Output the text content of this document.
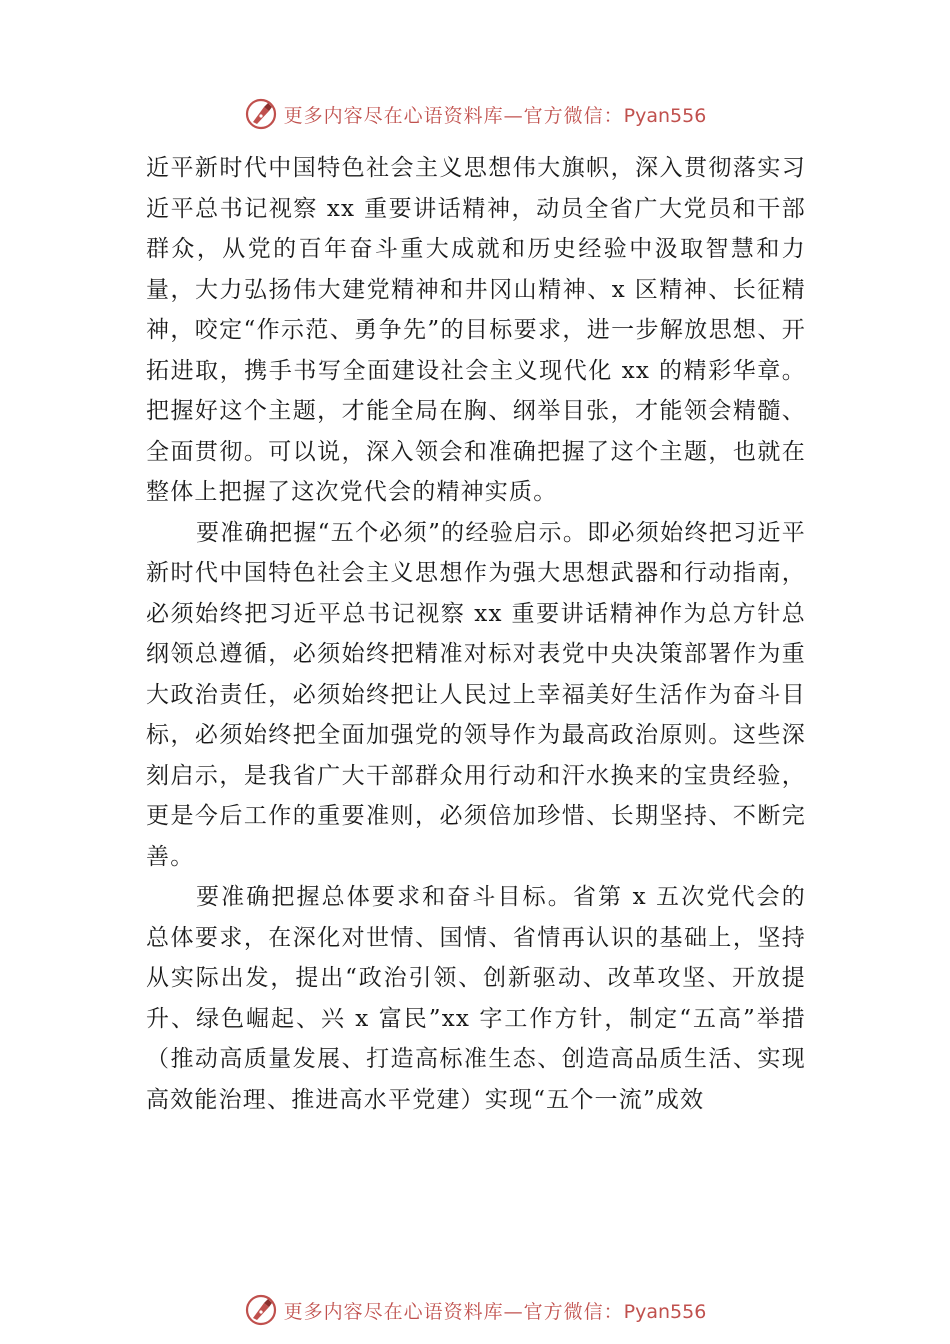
更多内容尽在心语资料库—官方微信：Pyan556

近平新时代中国特色社会主义思想伟大旗帜，深入贯彻落实习近平总书记视察 xx 重要讲话精神，动员全省广大党员和干部群众，从党的百年奋斗重大成就和历史经验中汲取智慧和力量，大力弘扬伟大建党精神和井冈山精神、x 区精神、长征精神，咬定“作示范、勇争先”的目标要求，进一步解放思想、开拓进取，携手书写全面建设社会主义现代化 xx 的精彩华章。把握好这个主题，才能全局在胸、纲举目张，才能领会精髓、全面贯彻。可以说，深入领会和准确把握了这个主题，也就在整体上把握了这次党代会的精神实质。

要准确把握“五个必须”的经验启示。即必须始终把习近平新时代中国特色社会主义思想作为强大思想武器和行动指南，必须始终把习近平总书记视察 xx 重要讲话精神作为总方针总纲领总遵循，必须始终把精准对标对表党中央决策部署作为重大政治责任，必须始终把让人民过上幸福美好生活作为奋斗目标，必须始终把全面加强党的领导作为最高政治原则。这些深刻启示，是我省广大干部群众用行动和汗水换来的宝贵经验，更是今后工作的重要准则，必须倍加珍惜、长期坚持、不断完善。

要准确把握总体要求和奋斗目标。省第 x 五次党代会的总体要求，在深化对世情、国情、省情再认识的基础上，坚持从实际出发，提出“政治引领、创新驱动、改革攻坚、开放提升、绿色崛起、兴 x 富民”xx 字工作方针，制定“五高”举措（推动高质量发展、打造高标准生态、创造高品质生活、实现高效能治理、推进高水平党建）实现“五个一流”成效

更多内容尽在心语资料库—官方微信：Pyan556
